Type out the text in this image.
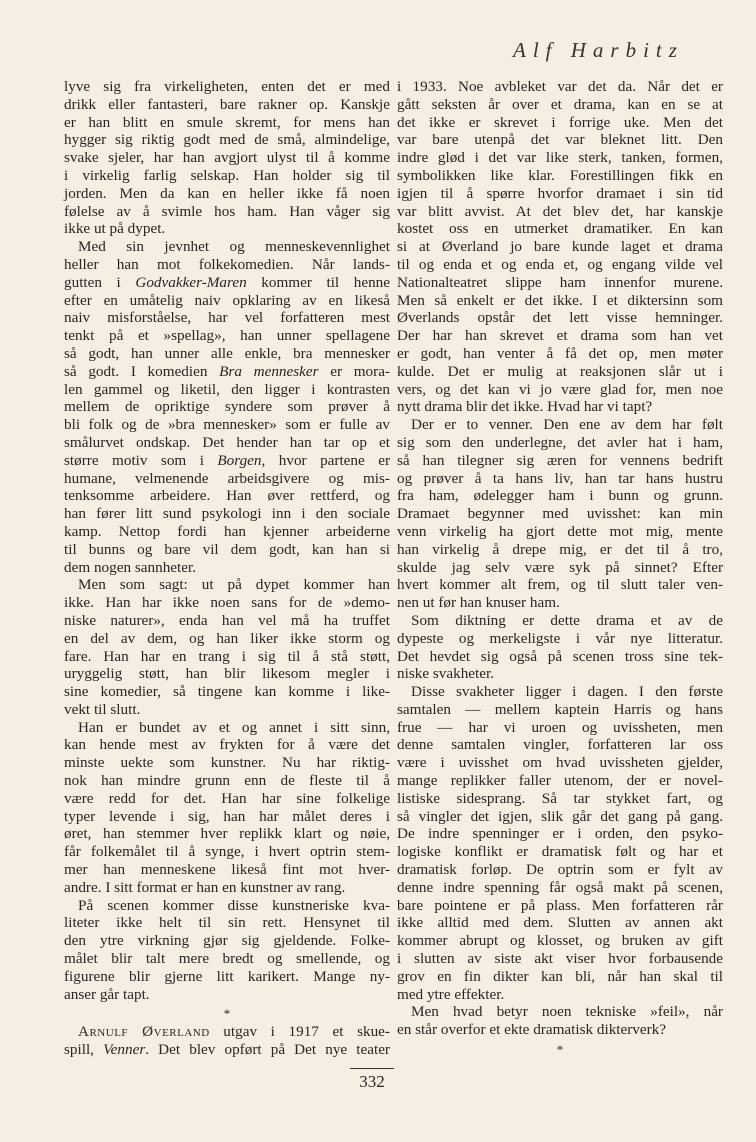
Alf Harbitz
lyve sig fra virkeligheten, enten det er med
drikk eller fantasteri, bare rakner op. Kanskje
er han blitt en smule skremt, for mens han
hygger sig riktig godt med de små, almindelige,
svake sjeler, har han avgjort ulyst til å komme
i virkelig farlig selskap. Han holder sig til
jorden. Men da kan en heller ikke få noen
følelse av å svimle hos ham. Han våger sig
ikke ut på dypet.
Med sin jevnhet og menneskevennlighet
heller han mot folkekomedien. Når lands-
gutten i Godvakker-Maren kommer til henne
efter en umåtelig naiv opklaring av en likeså
naiv misforståelse, har vel forfatteren mest
tenkt på et »spellag», han unner spellagene
så godt, han unner alle enkle, bra mennesker
så godt. I komedien Bra mennesker er mora-
len gammel og liketil, den ligger i kontrasten
mellem de opriktige syndere som prøver å
bli folk og de »bra mennesker» som er fulle av
smålurvet ondskap. Det hender han tar op et
større motiv som i Borgen, hvor partene er
humane, velmenende arbeidsgivere og mis-
tenksomme arbeidere. Han øver rettferd, og
han fører litt sund psykologi inn i den sociale
kamp. Nettop fordi han kjenner arbeiderne
til bunns og bare vil dem godt, kan han si
dem nogen sannheter.
Men som sagt: ut på dypet kommer han
ikke. Han har ikke noen sans for de »demo-
niske naturer», enda han vel må ha truffet
en del av dem, og han liker ikke storm og
fare. Han har en trang i sig til å stå støtt,
uryggelig støtt, han blir likesom megler i
sine komedier, så tingene kan komme i like-
vekt til slutt.
Han er bundet av et og annet i sitt sinn,
kan hende mest av frykten for å være det
minste uekte som kunstner. Nu har riktig-
nok han mindre grunn enn de fleste til å
være redd for det. Han har sine folkelige
typer levende i sig, han har målet deres i
øret, han stemmer hver replikk klart og nøie,
får folkemålet til å synge, i hvert optrin stem-
mer han menneskene likeså fint mot hver-
andre. I sitt format er han en kunstner av rang.
På scenen kommer disse kunstneriske kva-
liteter ikke helt til sin rett. Hensynet til
den ytre virkning gjør sig gjeldende. Folke-
målet blir talt mere bredt og smellende, og
figurene blir gjerne litt karikert. Mange ny-
anser går tapt.
*
Arnulf Øverland utgav i 1917 et skue-
spill, Venner. Det blev opført på Det nye teater
i 1933. Noe avbleket var det da. Når det er
gått seksten år over et drama, kan en se at
det ikke er skrevet i forrige uke. Men det
var bare utenpå det var bleknet litt. Den
indre glød i det var like sterk, tanken, formen,
symbolikken like klar. Forestillingen fikk en
igjen til å spørre hvorfor dramaet i sin tid
var blitt avvist. At det blev det, har kanskje
kostet oss en utmerket dramatiker. En kan
si at Øverland jo bare kunde laget et drama
til og enda et og enda et, og engang vilde vel
Nationalteatret slippe ham innenfor murene.
Men så enkelt er det ikke. I et diktersinn som
Øverlands opstår det lett visse hemninger.
Der har han skrevet et drama som han vet
er godt, han venter å få det op, men møter
kulde. Det er mulig at reaksjonen slår ut i
vers, og det kan vi jo være glad for, men noe
nytt drama blir det ikke. Hvad har vi tapt?
Der er to venner. Den ene av dem har følt
sig som den underlegne, det avler hat i ham,
så han tilegner sig æren for vennens bedrift
og prøver å ta hans liv, han tar hans hustru
fra ham, ødelegger ham i bunn og grunn.
Dramaet begynner med uvisshet: kan min
venn virkelig ha gjort dette mot mig, mente
han virkelig å drepe mig, er det til å tro,
skulde jag selv være syk på sinnet? Efter
hvert kommer alt frem, og til slutt taler ven-
nen ut før han knuser ham.
Som diktning er dette drama et av de
dypeste og merkeligste i vår nye litteratur.
Det hevdet sig også på scenen tross sine tek-
niske svakheter.
Disse svakheter ligger i dagen. I den første
samtalen — mellem kaptein Harris og hans
frue — har vi uroen og uvissheten, men
denne samtalen vingler, forfatteren lar oss
være i uvisshet om hvad uvissheten gjelder,
mange replikker faller utenom, der er novel-
listiske sidesprang. Så tar stykket fart, og
så vingler det igjen, slik går det gang på gang.
De indre spenninger er i orden, den psyko-
logiske konflikt er dramatisk følt og har et
dramatisk forløp. De optrin som er fylt av
denne indre spenning får også makt på scenen,
bare pointene er på plass. Men forfatteren rår
ikke alltid med dem. Slutten av annen akt
kommer abrupt og klosset, og bruken av gift
i slutten av siste akt viser hvor forbausende
grov en fin dikter kan bli, når han skal til
med ytre effekter.
Men hvad betyr noen tekniske »feil», når
en står overfor et ekte dramatisk dikterverk?
*
332
